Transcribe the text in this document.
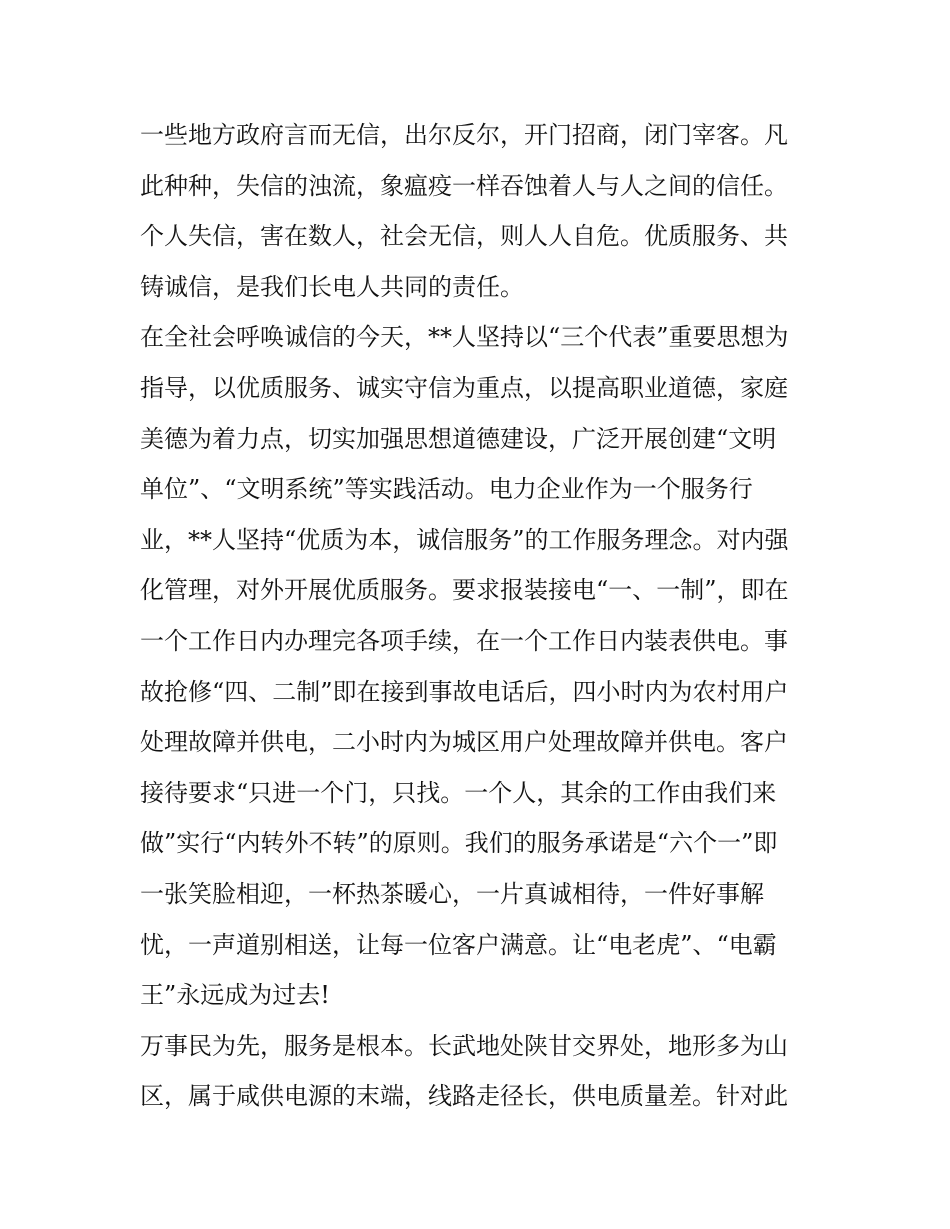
一些地方政府言而无信，出尔反尔，开门招商，闭门宰客。凡
此种种，失信的浊流，象瘟疫一样吞蚀着人与人之间的信任。
个人失信，害在数人，社会无信，则人人自危。优质服务、共
铸诚信，是我们长电人共同的责任。
在全社会呼唤诚信的今天，**人坚持以“三个代表”重要思想为
指导，以优质服务、诚实守信为重点，以提高职业道德，家庭
美德为着力点，切实加强思想道德建设，广泛开展创建“文明
单位”、“文明系统”等实践活动。电力企业作为一个服务行
业，**人坚持“优质为本，诚信服务”的工作服务理念。对内强
化管理，对外开展优质服务。要求报装接电“一、一制”，即在
一个工作日内办理完各项手续，在一个工作日内装表供电。事
故抢修“四、二制”即在接到事故电话后，四小时内为农村用户
处理故障并供电，二小时内为城区用户处理故障并供电。客户
接待要求“只进一个门，只找。一个人，其余的工作由我们来
做”实行“内转外不转”的原则。我们的服务承诺是“六个一”即
一张笑脸相迎，一杯热茶暖心，一片真诚相待，一件好事解
忧，一声道别相送，让每一位客户满意。让“电老虎”、“电霸
王”永远成为过去!
万事民为先，服务是根本。长武地处陕甘交界处，地形多为山
区，属于咸供电源的末端，线路走径长，供电质量差。针对此
